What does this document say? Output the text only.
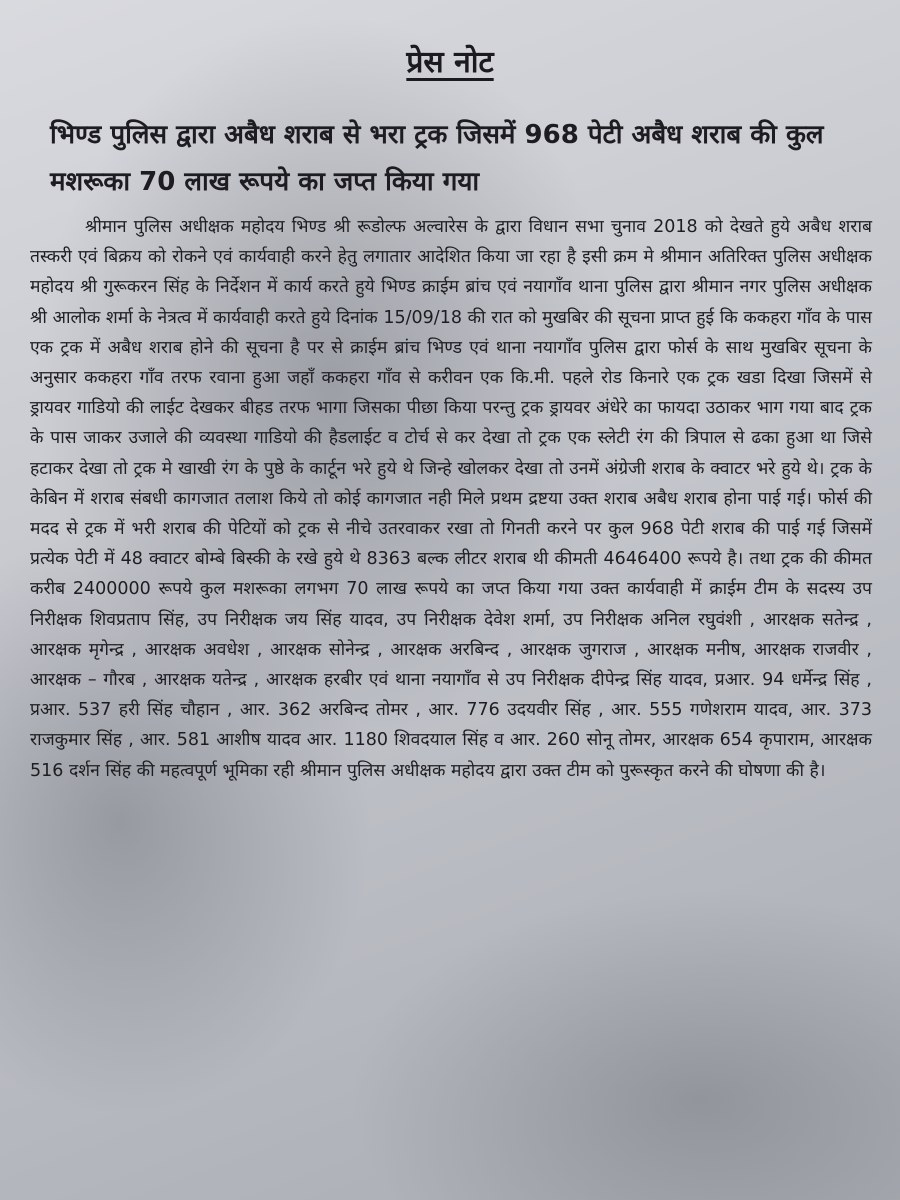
प्रेस नोट
भिण्ड पुलिस द्वारा अबैध शराब से भरा ट्रक जिसमें 968 पेटी अबैध शराब की कुल मशरूका 70 लाख रूपये का जप्त किया गया

श्रीमान पुलिस अधीक्षक महोदय भिण्ड श्री रूडोल्फ अल्वारेस के द्वारा विधान सभा चुनाव 2018 को देखते हुये अबैध शराब तस्करी एवं बिक्रय को रोकने एवं कार्यवाही करने हेतु लगातार आदेशित किया जा रहा है इसी क्रम मे श्रीमान अतिरिक्त पुलिस अधीक्षक महोदय श्री गुरूकरन सिंह के निर्देशन में कार्य करते हुये भिण्ड क्राईम ब्रांच एवं नयागाँव थाना पुलिस द्वारा श्रीमान नगर पुलिस अधीक्षक श्री आलोक शर्मा के नेत्रत्व में कार्यवाही करते हुये दिनांक 15/09/18 की रात को मुखबिर की सूचना प्राप्त हुई कि ककहरा गाँव के पास एक ट्रक में अबैध शराब होने की सूचना है पर से क्राईम ब्रांच भिण्ड एवं थाना नयागाँव पुलिस द्वारा फोर्स के साथ मुखबिर सूचना के अनुसार ककहरा गाँव तरफ रवाना हुआ जहाँ ककहरा गाँव से करीवन एक कि.मी. पहले रोड किनारे एक ट्रक खडा दिखा जिसमें से ड्रायवर गाडियो की लाईट देखकर बीहड तरफ भागा जिसका पीछा किया परन्तु ट्रक ड्रायवर अंधेरे का फायदा उठाकर भाग गया बाद ट्रक के पास जाकर उजाले की व्यवस्था गाडियो की हैडलाईट व टोर्च से कर देखा तो ट्रक एक स्लेटी रंग की त्रिपाल से ढका हुआ था जिसे हटाकर देखा तो ट्रक मे खाखी रंग के पुष्ठे के कार्टून भरे हुये थे जिन्हे खोलकर देखा तो उनमें अंग्रेजी शराब के क्वाटर भरे हुये थे। ट्रक के केबिन में शराब संबधी कागजात तलाश किये तो कोई कागजात नही मिले प्रथम द्रष्टया उक्त शराब अबैध शराब होना पाई गई। फोर्स की मदद से ट्रक में भरी शराब की पेटियों को ट्रक से नीचे उतरवाकर रखा तो गिनती करने पर कुल 968 पेटी शराब की पाई गई जिसमें प्रत्येक पेटी में 48 क्वाटर बोम्बे बिस्की के रखे हुये थे 8363 बल्क लीटर शराब थी कीमती 4646400 रूपये है। तथा ट्रक की कीमत करीब 2400000 रूपये कुल मशरूका लगभग 70 लाख रूपये का जप्त किया गया उक्त कार्यवाही में क्राईम टीम के सदस्य उप निरीक्षक शिवप्रताप सिंह, उप निरीक्षक जय सिंह यादव, उप निरीक्षक देवेश शर्मा, उप निरीक्षक अनिल रघुवंशी , आरक्षक सतेन्द्र , आरक्षक मृगेन्द्र , आरक्षक अवधेश , आरक्षक सोनेन्द्र , आरक्षक अरबिन्द , आरक्षक जुगराज , आरक्षक मनीष, आरक्षक राजवीर , आरक्षक – गौरब , आरक्षक यतेन्द्र , आरक्षक हरबीर एवं थाना नयागाँव से उप निरीक्षक दीपेन्द्र सिंह यादव, प्रआर. 94 धर्मेन्द्र सिंह , प्रआर. 537 हरी सिंह चौहान , आर. 362 अरबिन्द तोमर , आर. 776 उदयवीर सिंह , आर. 555 गणेशराम यादव, आर. 373 राजकुमार सिंह , आर. 581 आशीष यादव आर. 1180 शिवदयाल सिंह व आर. 260 सोनू तोमर, आरक्षक 654 कृपाराम, आरक्षक 516 दर्शन सिंह की महत्वपूर्ण भूमिका रही श्रीमान पुलिस अधीक्षक महोदय द्वारा उक्त टीम को पुरूस्कृत करने की घोषणा की है।
